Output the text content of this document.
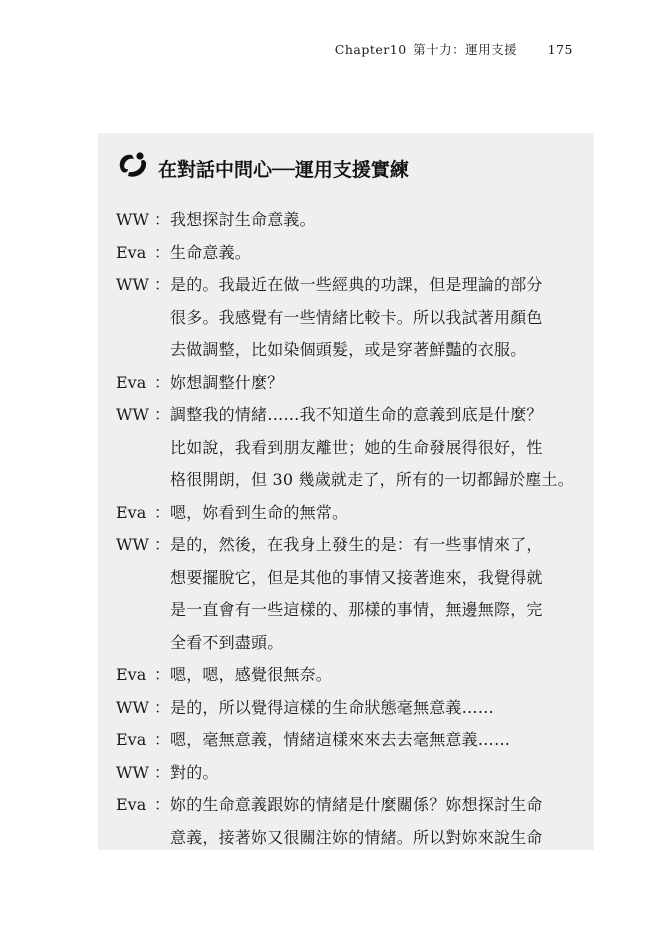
Chapter10 第十力：運用支援 175
在對話中問心──運用支援實練
WW ： 我想探討生命意義。
Eva ： 生命意義。
WW ： 是的。我最近在做一些經典的功課，但是理論的部分
很多。我感覺有一些情緒比較卡。所以我試著用顏色
去做調整，比如染個頭髮，或是穿著鮮豔的衣服。
Eva ： 妳想調整什麼？
WW ： 調整我的情緒……我不知道生命的意義到底是什麼？
比如說，我看到朋友離世；她的生命發展得很好，性
格很開朗，但 30 幾歲就走了，所有的一切都歸於塵土。
Eva ： 嗯，妳看到生命的無常。
WW ： 是的，然後，在我身上發生的是：有一些事情來了，
想要擺脫它，但是其他的事情又接著進來，我覺得就
是一直會有一些這樣的、那樣的事情，無邊無際，完
全看不到盡頭。
Eva ： 嗯，嗯，感覺很無奈。
WW ： 是的，所以覺得這樣的生命狀態毫無意義……
Eva ： 嗯，毫無意義，情緒這樣來來去去毫無意義……
WW ： 對的。
Eva ： 妳的生命意義跟妳的情緒是什麼關係？妳想探討生命
意義，接著妳又很關注妳的情緒。所以對妳來說生命
